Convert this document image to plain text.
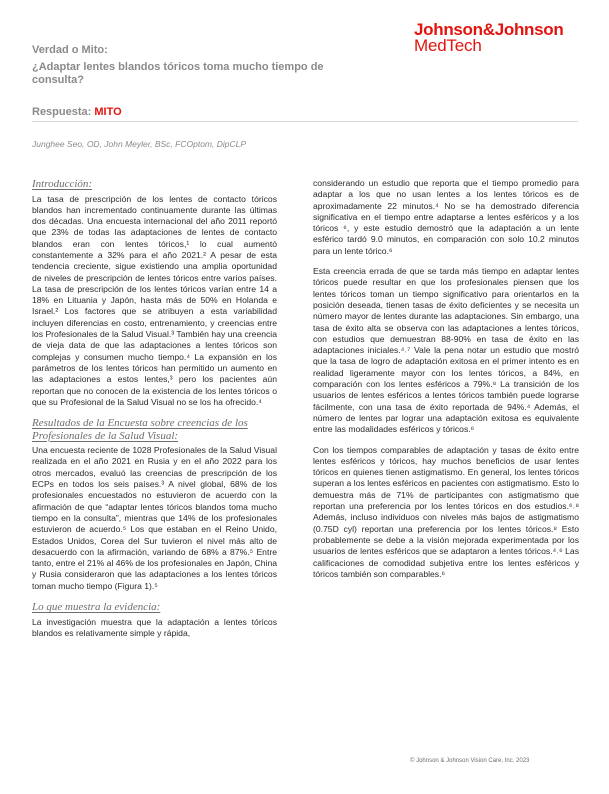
Johnson&Johnson
MedTech
Verdad o Mito:
¿Adaptar lentes blandos tóricos toma mucho tiempo de consulta?
Respuesta: MITO
Junghee Seo, OD, John Meyler, BSc, FCOptom, DipCLP
Introducción:

La tasa de prescripción de los lentes de contacto tóricos blandos han incrementado continuamente durante las últimas dos décadas. Una encuesta internacional del año 2011 reportó que 23% de todas las adaptaciones de lentes de contacto blandos eran con lentes tóricos,¹ lo cual aumentó constantemente a 32% para el año 2021.² A pesar de esta tendencia creciente, sigue existiendo una amplia oportunidad de niveles de prescripción de lentes tóricos entre varios países. La tasa de prescripción de los lentes tóricos varían entre 14 a 18% en Lituania y Japón, hasta más de 50% en Holanda e Israel.² Los factores que se atribuyen a esta variabilidad incluyen diferencias en costo, entrenamiento, y creencias entre los Profesionales de la Salud Visual.³ También hay una creencia de vieja data de que las adaptaciones a lentes tóricos son complejas y consumen mucho tiempo.⁴ La expansión en los parámetros de los lentes tóricos han permitido un aumento en las adaptaciones a estos lentes,³ pero los pacientes aún reportan que no conocen de la existencia de los lentes tóricos o que su Profesional de la Salud Visual no se los ha ofrecido.⁴

Resultados de la Encuesta sobre creencias de los Profesionales de la Salud Visual:

Una encuesta reciente de 1028 Profesionales de la Salud Visual realizada en el año 2021 en Rusia y en el año 2022 para los otros mercados, evaluó las creencias de prescripción de los ECPs en todos los seis países.³ A nivel global, 68% de los profesionales encuestados no estuvieron de acuerdo con la afirmación de que “adaptar lentes tóricos blandos toma mucho tiempo en la consulta”, mientras que 14% de los profesionales estuvieron de acuerdo.⁵ Los que estaban en el Reino Unido, Estados Unidos, Corea del Sur tuvieron el nivel más alto de desacuerdo con la afirmación, variando de 68% a 87%.⁵ Entre tanto, entre el 21% al 46% de los profesionales en Japón, China y Rusia consideraron que las adaptaciones a los lentes tóricos toman mucho tiempo (Figura 1).⁵

Lo que muestra la evidencia:

La investigación muestra que la adaptación a lentes tóricos blandos es relativamente simple y rápida,

considerando un estudio que reporta que el tiempo promedio para adaptar a los que no usan lentes a los lentes tóricos es de aproximadamente 22 minutos.⁴ No se ha demostrado diferencia significativa en el tiempo entre adaptarse a lentes esféricos y a los tóricos ⁶, y este estudio demostró que la adaptación a un lente esférico tardó 9.0 minutos, en comparación con solo 10.2 minutos para un lente tórico.⁶

Esta creencia errada de que se tarda más tiempo en adaptar lentes tóricos puede resultar en que los profesionales piensen que los lentes tóricos toman un tiempo significativo para orientarlos en la posición deseada, tienen tasas de éxito deficientes y se necesita un número mayor de lentes durante las adaptaciones. Sin embargo, una tasa de éxito alta se observa con las adaptaciones a lentes tóricos, con estudios que demuestran 88-90% en tasa de éxito en las adaptaciones iniciales.⁴˒⁷ Vale la pena notar un estudio que mostró que la tasa de logro de adaptación exitosa en el primer intento es en realidad ligeramente mayor con los lentes tóricos, a 84%, en comparación con los lentes esféricos a 79%.⁸ La transición de los usuarios de lentes esféricos a lentes tóricos también puede lograrse fácilmente, con una tasa de éxito reportada de 94%.⁴ Además, el número de lentes par lograr una adaptación exitosa es equivalente entre las modalidades esféricos y tóricos.⁶

Con los tiempos comparables de adaptación y tasas de éxito entre lentes esféricos y tóricos, hay muchos beneficios de usar lentes tóricos en quienes tienen astigmatismo. En general, los lentes tóricos superan a los lentes esféricos en pacientes con astigmatismo. Esto lo demuestra más de 71% de participantes con astigmatismo que reportan una preferencia por los lentes tóricos en dos estudios.⁶˒⁸ Además, incluso individuos con niveles más bajos de astigmatismo (0.75D cyl) reportan una preferencia por los lentes tóricos.⁸ Esto probablemente se debe a la visión mejorada experimentada por los usuarios de lentes esféricos que se adaptaron a lentes tóricos.⁴˒⁶ Las calificaciones de comodidad subjetiva entre los lentes esféricos y tóricos también son comparables.⁶

© Johnson & Johnson Vision Care, Inc. 2023
